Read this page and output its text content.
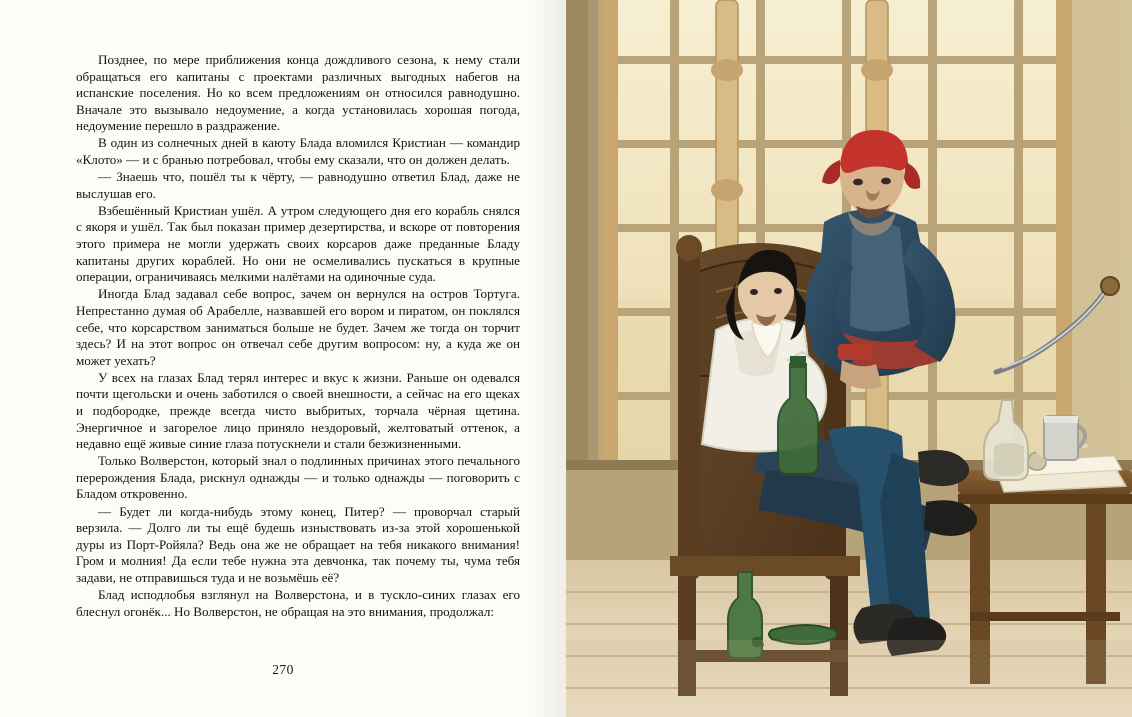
Позднее, по мере приближения конца дождливого сезона, к нему стали обращаться его капитаны с проектами различных выгодных набегов на испанские поселения. Но ко всем предложениям он относился равнодушно. Вначале это вызывало недоумение, а когда установилась хорошая погода, недоумение перешло в раздражение.

В один из солнечных дней в каюту Блада вломился Кристиан — командир «Клото» — и с бранью потребовал, чтобы ему сказали, что он должен делать.

— Знаешь что, пошёл ты к чёрту, — равнодушно ответил Блад, даже не выслушав его.

Взбешённый Кристиан ушёл. А утром следующего дня его корабль снялся с якоря и ушёл. Так был показан пример дезертирства, и вскоре от повторения этого примера не могли удержать своих корсаров даже преданные Бладу капитаны других кораблей. Но они не осмеливались пускаться в крупные операции, ограничиваясь мелкими налётами на одиночные суда.

Иногда Блад задавал себе вопрос, зачем он вернулся на остров Тортуга. Непрестанно думая об Арабелле, назвавшей его вором и пиратом, он поклялся себе, что корсарством заниматься больше не будет. Зачем же тогда он торчит здесь? И на этот вопрос он отвечал себе другим вопросом: ну, а куда же он может уехать?

У всех на глазах Блад терял интерес и вкус к жизни. Раньше он одевался почти щегольски и очень заботился о своей внешности, а сейчас на его щеках и подбородке, прежде всегда чисто выбритых, торчала чёрная щетина. Энергичное и загорелое лицо приняло нездоровый, желтоватый оттенок, а недавно ещё живые синие глаза потускнели и стали безжизненными.

Только Волверстон, который знал о подлинных причинах этого печального перерождения Блада, рискнул однажды — и только однажды — поговорить с Бладом откровенно.

— Будет ли когда-нибудь этому конец, Питер? — проворчал старый верзила. — Долго ли ты ещё будешь изныствовать из-за этой хорошенькой дуры из Порт-Ройяла? Ведь она же не обращает на тебя никакого внимания! Гром и молния! Да если тебе нужна эта девчонка, так почему ты, чума тебя задави, не отправишься туда и не возьмёшь её?

Блад исподлобья взглянул на Волверстона, и в тускло-синих глазах его блеснул огонёк... Но Волверстон, не обращая на это внимания, продолжал:

270
